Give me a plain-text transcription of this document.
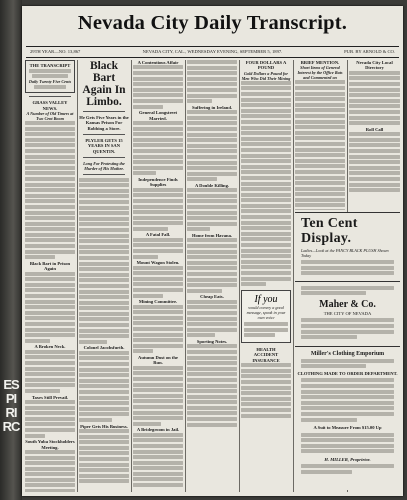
ES
PI
RI
RC
Nevada City Daily Transcript.
29TH YEAR—NO. 13,867	NEVADA CITY, CAL., WEDNESDAY EVENING, SEPTEMBER 5, 1897.	PUB. BY ARNOLD & CO.
THE TRANSCRIPT
Daily Twenty Five Cents
GRASS VALLEY NEWS.
A Number of Old Timers at Two Cent Boom
Black Bart in Prison Again
A Broken Neck.
Taxes Still Prevail.
South Yuba Stockholders Meeting.
Black Bart Again In Limbo.
He Gets Five Years in the Kansas Prison For Robbing a Store.
PLYLER GETS 15 YEARS IN SAN QUENTIN.
Long For Protesting the Murder of His Mother.
Colonel Jacobsfurth.
Piper Gets His Business.
A Contentious Affair
General Longstreet Married.
Independence Finds Supplies
A Fatal Fall.
Mount Wagon Stolen.
Mining Committee.
Autumn Dust on the Run.
A Bridegroom in Jail.
Suffering in Ireland.
A Double Killing.
Home from Havana.
Cheap Eats.
Sporting Notes.
FOUR DOLLARS A POUND
Gold Dollars a Pound for Men Who Did Their Mining
If you
would convey a good message, speak in your own voice
HEALTH
ACCIDENT INSURANCE
BRIEF MENTION.
Short Items of General Interest by the Office Rats and Commented on
Nevada City Local Directory
Roll Call
Ten Cent Display.
Ladies—Look at the FANCY BLACK PLUSH Shown Today
Maher & Co.
THE CITY OF NEVADA
Miller's Clothing Emporium
CLOTHING MADE TO ORDER DEPARTMENT.
A Suit to Measure From $15.00 Up
H. MILLER, Proprietor.
